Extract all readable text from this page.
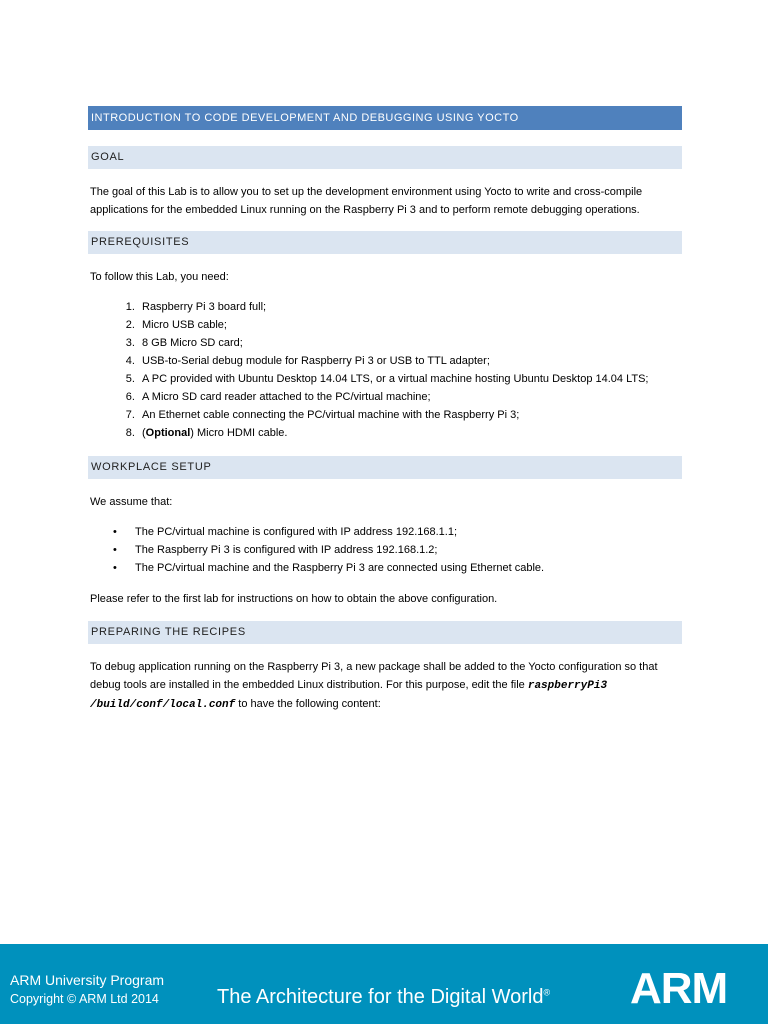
INTRODUCTION TO CODE DEVELOPMENT AND DEBUGGING USING YOCTO
GOAL

The goal of this Lab is to allow you to set up the development environment using Yocto to write and cross-compile applications for the embedded Linux running on the Raspberry Pi 3 and to perform remote debugging operations.

PREREQUISITES

To follow this Lab, you need:

1. Raspberry Pi 3 board full;
2. Micro USB cable;
3. 8 GB Micro SD card;
4. USB-to-Serial debug module for Raspberry Pi 3 or USB to TTL adapter;
5. A PC provided with Ubuntu Desktop 14.04 LTS, or a virtual machine hosting Ubuntu Desktop 14.04 LTS;
6. A Micro SD card reader attached to the PC/virtual machine;
7. An Ethernet cable connecting the PC/virtual machine with the Raspberry Pi 3;
8. (Optional) Micro HDMI cable.
WORKPLACE SETUP

We assume that:

• The PC/virtual machine is configured with IP address 192.168.1.1;
• The Raspberry Pi 3 is configured with IP address 192.168.1.2;
• The PC/virtual machine and the Raspberry Pi 3 are connected using Ethernet cable.

Please refer to the first lab for instructions on how to obtain the above configuration.

PREPARING THE RECIPES

To debug application running on the Raspberry Pi 3, a new package shall be added to the Yocto configuration so that debug tools are installed in the embedded Linux distribution. For this purpose, edit the file raspberryPi3 /build/conf/local.conf to have the following content:

ARM University Program
Copyright © ARM Ltd 2014	The Architecture for the Digital World® ARM
